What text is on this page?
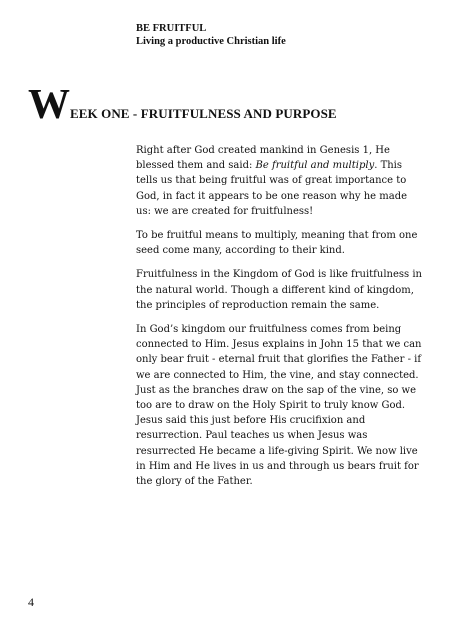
BE FRUITFUL
Living a productive Christian life
WEEK ONE - FRUITFULNESS AND PURPOSE

Right after God created mankind in Genesis 1, He blessed them and said: Be fruitful and multiply. This tells us that being fruitful was of great importance to God, in fact it appears to be one reason why he made us: we are created for fruitfulness!

To be fruitful means to multiply, meaning that from one seed come many, according to their kind.

Fruitfulness in the Kingdom of God is like fruitfulness in the natural world. Though a different kind of kingdom, the principles of reproduction remain the same.

In God’s kingdom our fruitfulness comes from being connected to Him. Jesus explains in John 15 that we can only bear fruit - eternal fruit that glorifies the Father - if we are connected to Him, the vine, and stay connected. Just as the branches draw on the sap of the vine, so we too are to draw on the Holy Spirit to truly know God. Jesus said this just before His crucifixion and resurrection. Paul teaches us when Jesus was resurrected He became a life-giving Spirit. We now live in Him and He lives in us and through us bears fruit for the glory of the Father.

4
